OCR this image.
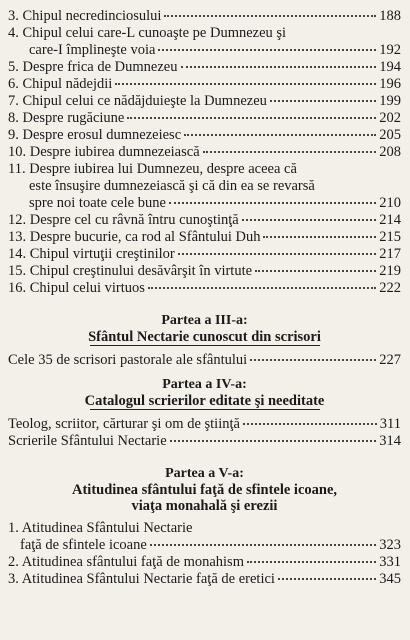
3. Chipul necredinciosului	188
4. Chipul celui care-L cunoaşte pe Dumnezeu şi
care-I împlineşte voia	192
5. Despre frica de Dumnezeu	194
6. Chipul nădejdii	196
7. Chipul celui ce nădăjduieşte la Dumnezeu	199
8. Despre rugăciune	202
9. Despre erosul dumnezeiesc	205
10. Despre iubirea dumnezeiască	208
11. Despre iubirea lui Dumnezeu, despre aceea că
este însuşire dumnezeiască şi că din ea se revarsă
spre noi toate cele bune	210
12. Despre cel cu râvnă întru cunoştinţă	214
13. Despre bucurie, ca rod al Sfântului Duh	215
14. Chipul virtuţii creştinilor	217
15. Chipul creştinului desăvârşit în virtute	219
16. Chipul celui virtuos	222
Partea a III-a:
Sfântul Nectarie cunoscut din scrisori
Cele 35 de scrisori pastorale ale sfântului	227
Partea a IV-a:
Catalogul scrierilor editate şi needitate
Teolog, scriitor, cărturar şi om de ştiinţă	311
Scrierile Sfântului Nectarie	314
Partea a V-a:
Atitudinea sfântului faţă de sfintele icoane,
viaţa monahală şi erezii
1. Atitudinea Sfântului Nectarie
faţă de sfintele icoane	323
2. Atitudinea sfântului faţă de monahism	331
3. Atitudinea Sfântului Nectarie faţă de eretici	345
